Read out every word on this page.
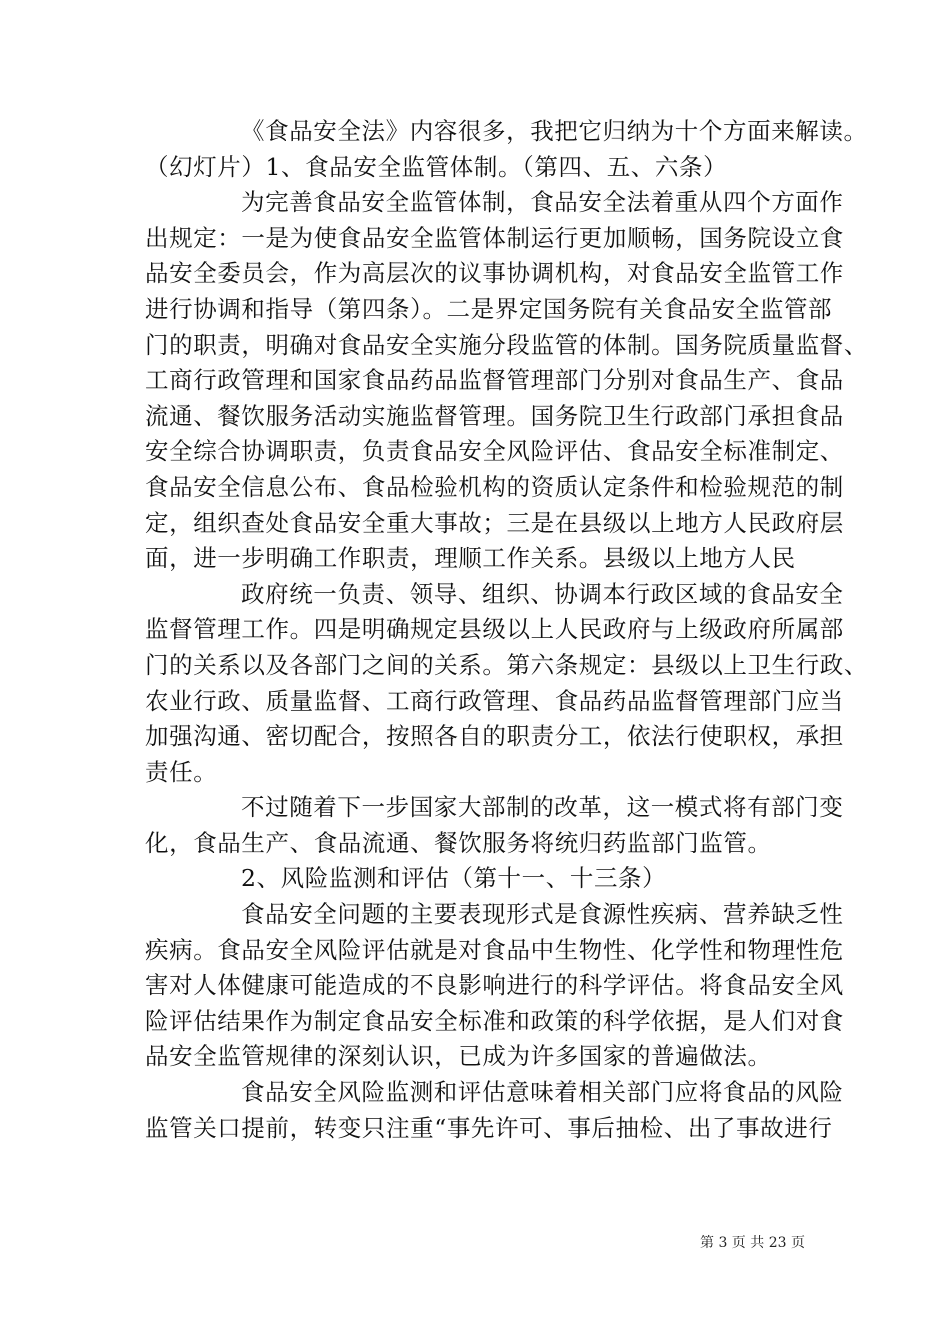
《食品安全法》内容很多，我把它归纳为十个方面来解读。
（幻灯片）1、食品安全监管体制。（第四、五、六条）
为完善食品安全监管体制，食品安全法着重从四个方面作
出规定：一是为使食品安全监管体制运行更加顺畅，国务院设立食
品安全委员会，作为高层次的议事协调机构，对食品安全监管工作
进行协调和指导（第四条）。二是界定国务院有关食品安全监管部
门的职责，明确对食品安全实施分段监管的体制。国务院质量监督、
工商行政管理和国家食品药品监督管理部门分别对食品生产、食品
流通、餐饮服务活动实施监督管理。国务院卫生行政部门承担食品
安全综合协调职责，负责食品安全风险评估、食品安全标准制定、
食品安全信息公布、食品检验机构的资质认定条件和检验规范的制
定，组织查处食品安全重大事故；三是在县级以上地方人民政府层
面，进一步明确工作职责，理顺工作关系。县级以上地方人民
政府统一负责、领导、组织、协调本行政区域的食品安全
监督管理工作。四是明确规定县级以上人民政府与上级政府所属部
门的关系以及各部门之间的关系。第六条规定：县级以上卫生行政、
农业行政、质量监督、工商行政管理、食品药品监督管理部门应当
加强沟通、密切配合，按照各自的职责分工，依法行使职权，承担
责任。
不过随着下一步国家大部制的改革，这一模式将有部门变
化，食品生产、食品流通、餐饮服务将统归药监部门监管。
2、风险监测和评估（第十一、十三条）
食品安全问题的主要表现形式是食源性疾病、营养缺乏性
疾病。食品安全风险评估就是对食品中生物性、化学性和物理性危
害对人体健康可能造成的不良影响进行的科学评估。将食品安全风
险评估结果作为制定食品安全标准和政策的科学依据，是人们对食
品安全监管规律的深刻认识，已成为许多国家的普遍做法。
食品安全风险监测和评估意味着相关部门应将食品的风险
监管关口提前，转变只注重“事先许可、事后抽检、出了事故进行
第 3 页 共 23 页
